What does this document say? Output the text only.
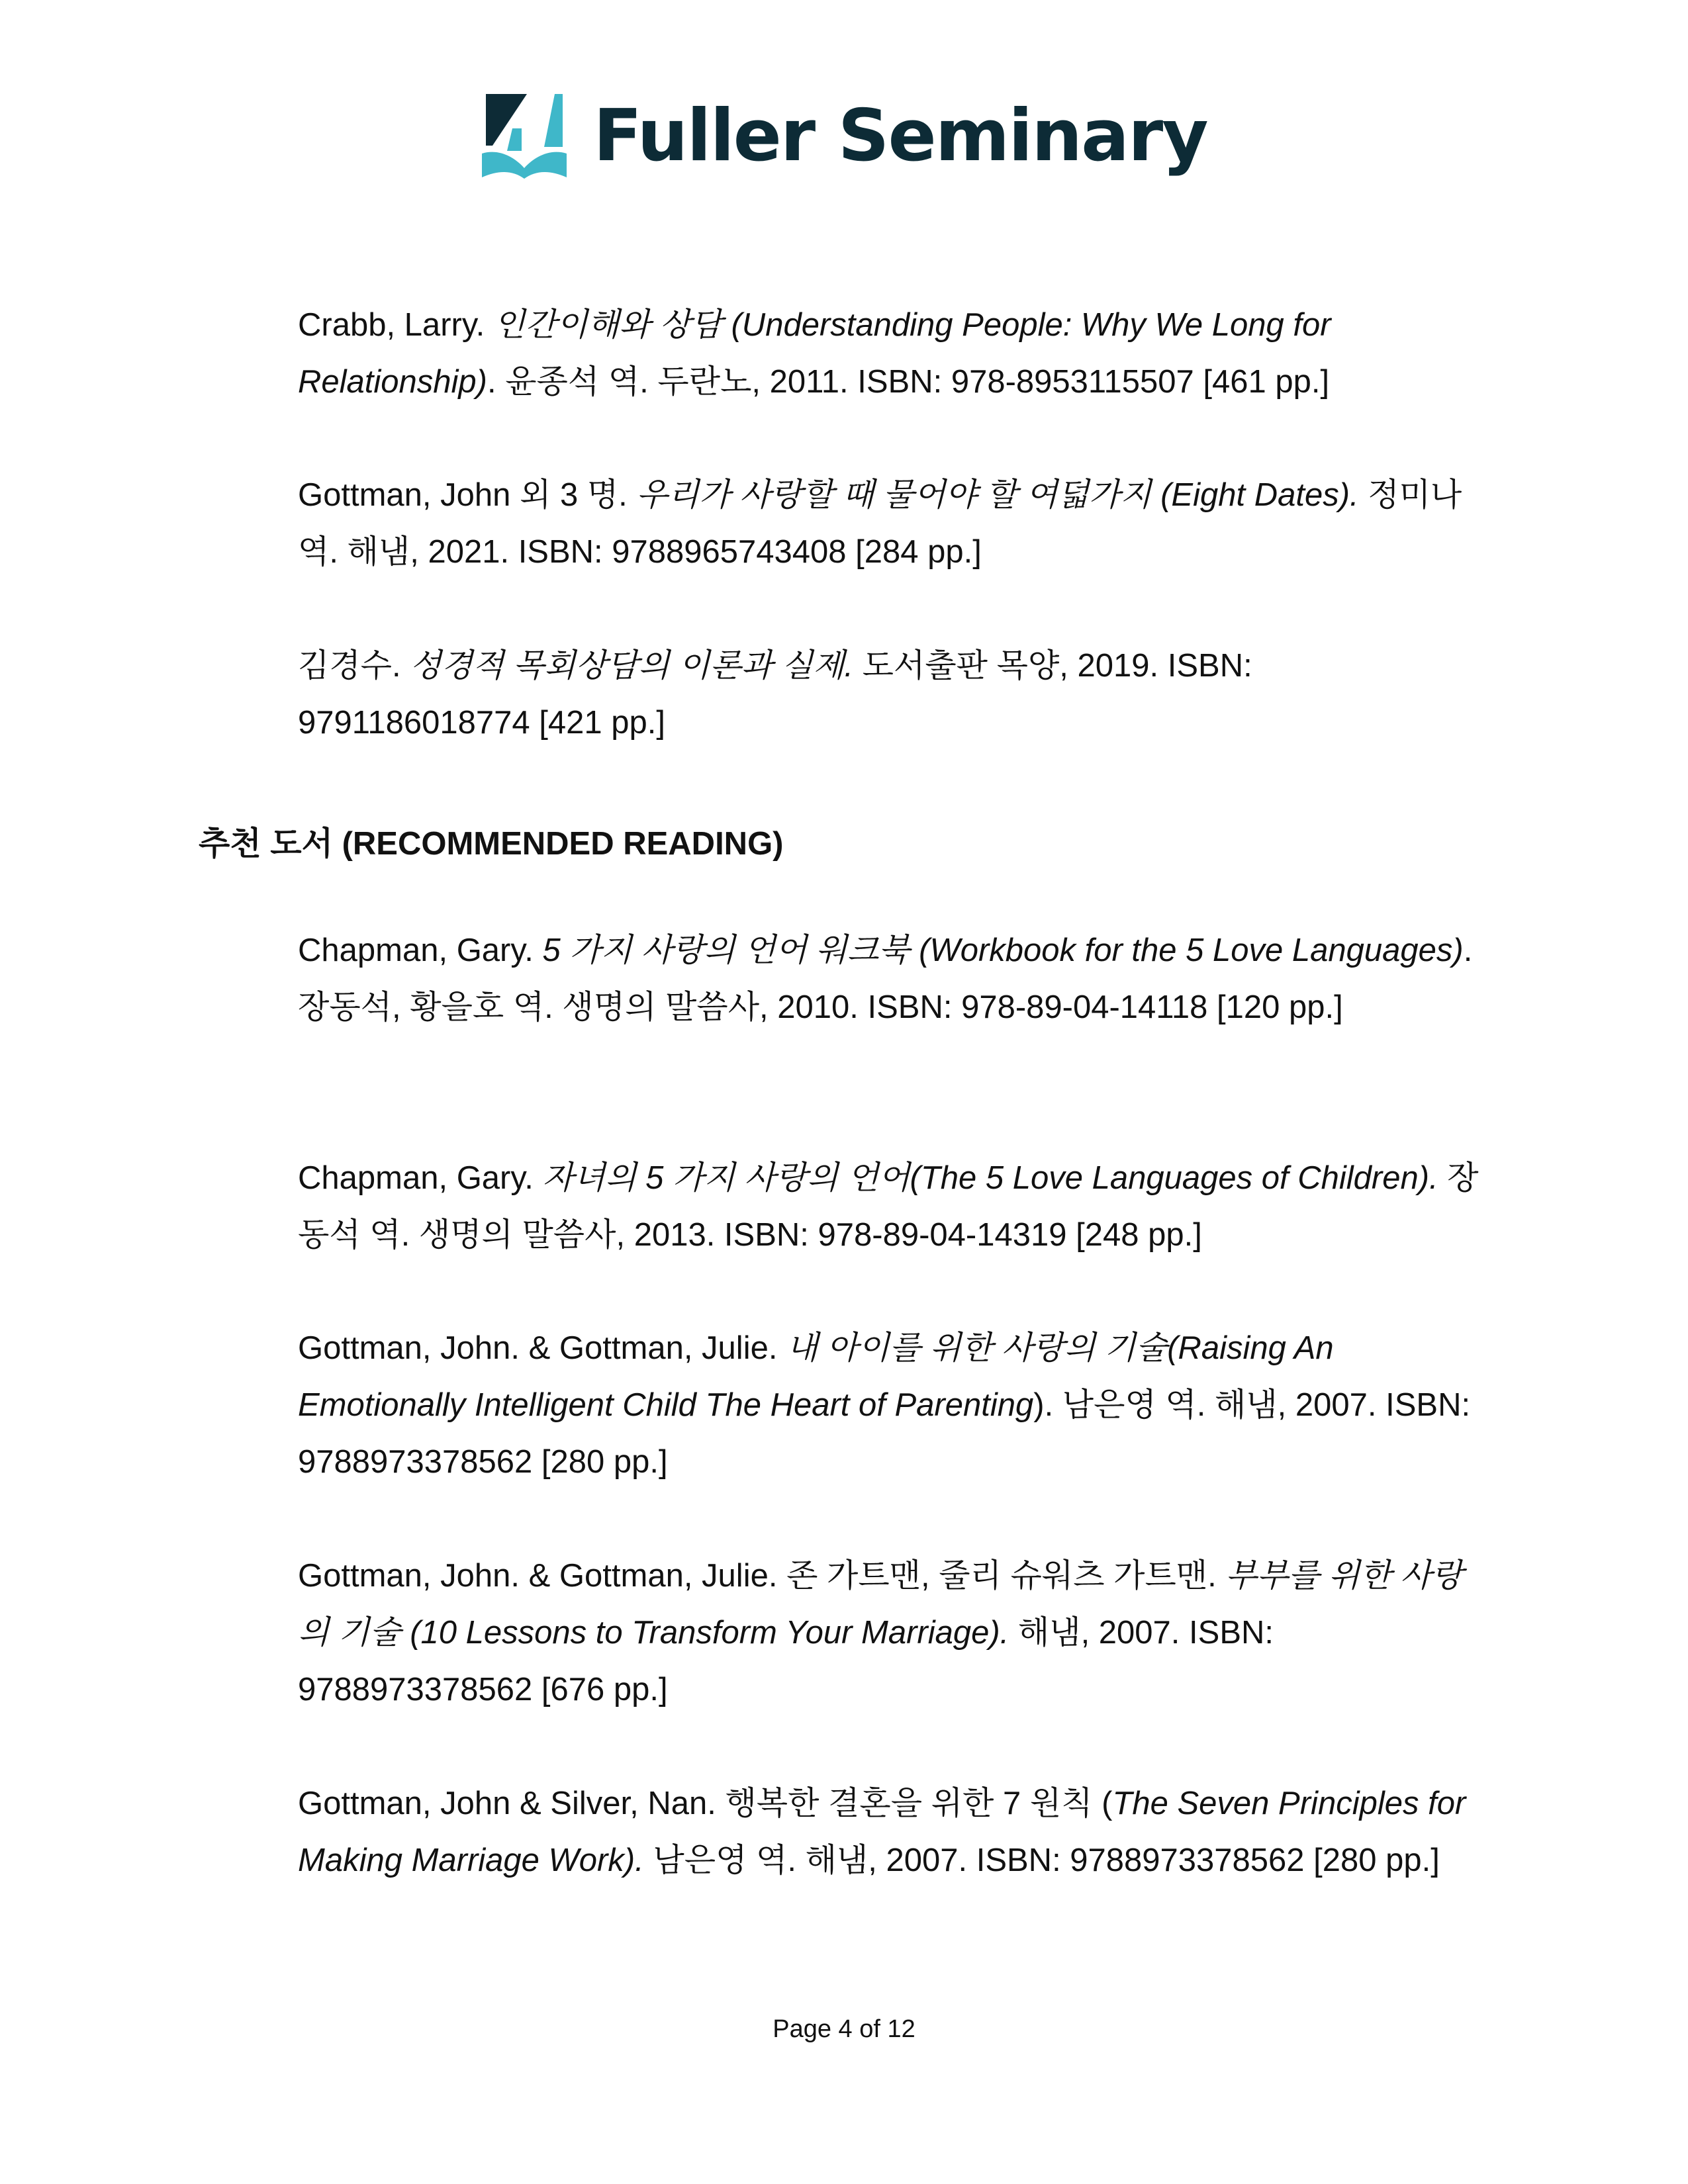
Fuller Seminary
Crabb, Larry. 인간이해와 상담 (Understanding People: Why We Long for Relationship). 윤종석 역. 두란노, 2011. ISBN: 978-8953115507 [461 pp.]
Gottman, John 외 3 명. 우리가 사랑할 때 물어야 할 여덟가지 (Eight Dates). 정미나 역. 해냄, 2021. ISBN: 9788965743408 [284 pp.]
김경수. 성경적 목회상담의 이론과 실제. 도서출판 목양, 2019. ISBN: 9791186018774 [421 pp.]
추천 도서 (RECOMMENDED READING)
Chapman, Gary. 5 가지 사랑의 언어 워크북 (Workbook for the 5 Love Languages). 장동석, 황을호 역. 생명의 말씀사, 2010. ISBN: 978-89-04-14118 [120 pp.]
Chapman, Gary. 자녀의 5 가지 사랑의 언어(The 5 Love Languages of Children). 장동석 역. 생명의 말씀사, 2013. ISBN: 978-89-04-14319 [248 pp.]
Gottman, John. & Gottman, Julie. 내 아이를 위한 사랑의 기술(Raising An Emotionally Intelligent Child The Heart of Parenting). 남은영 역. 해냄, 2007. ISBN: 9788973378562 [280 pp.]
Gottman, John. & Gottman, Julie. 존 가트맨, 줄리 슈워츠 가트맨. 부부를 위한 사랑의 기술 (10 Lessons to Transform Your Marriage). 해냄, 2007. ISBN: 9788973378562 [676 pp.]
Gottman, John & Silver, Nan. 행복한 결혼을 위한 7 원칙 (The Seven Principles for Making Marriage Work). 남은영 역. 해냄, 2007. ISBN: 9788973378562 [280 pp.]
Page 4 of 12
